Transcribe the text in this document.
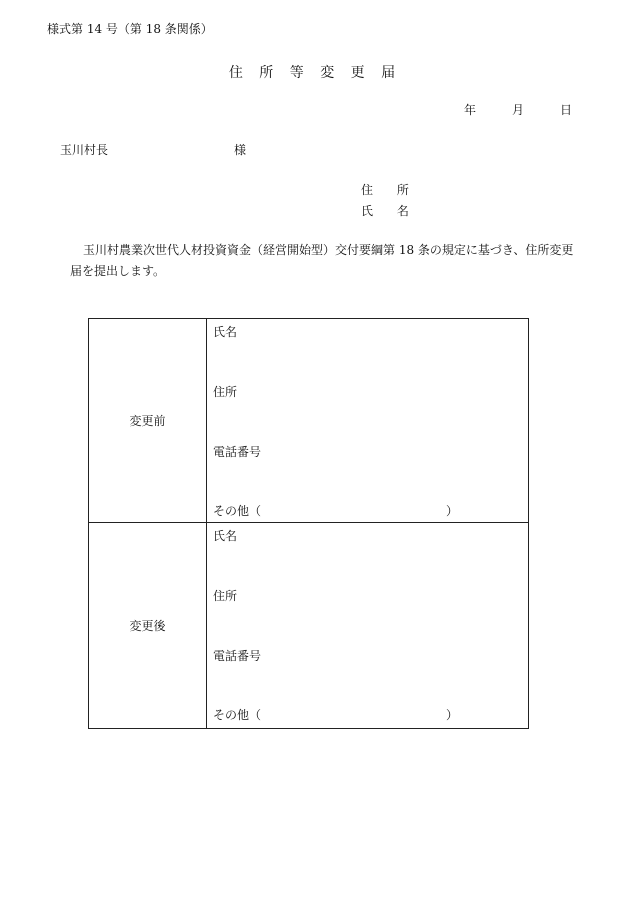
様式第 14 号（第 18 条関係）
住 所 等 変 更 届
年	月	日
玉川村長	様
住 所
氏 名
玉川村農業次世代人材投資資金（経営開始型）交付要綱第 18 条の規定に基づき、住所変更届を提出します。
変更前
氏名
住所
電話番号
その他（	）
変更後
氏名
住所
電話番号
その他（	）
